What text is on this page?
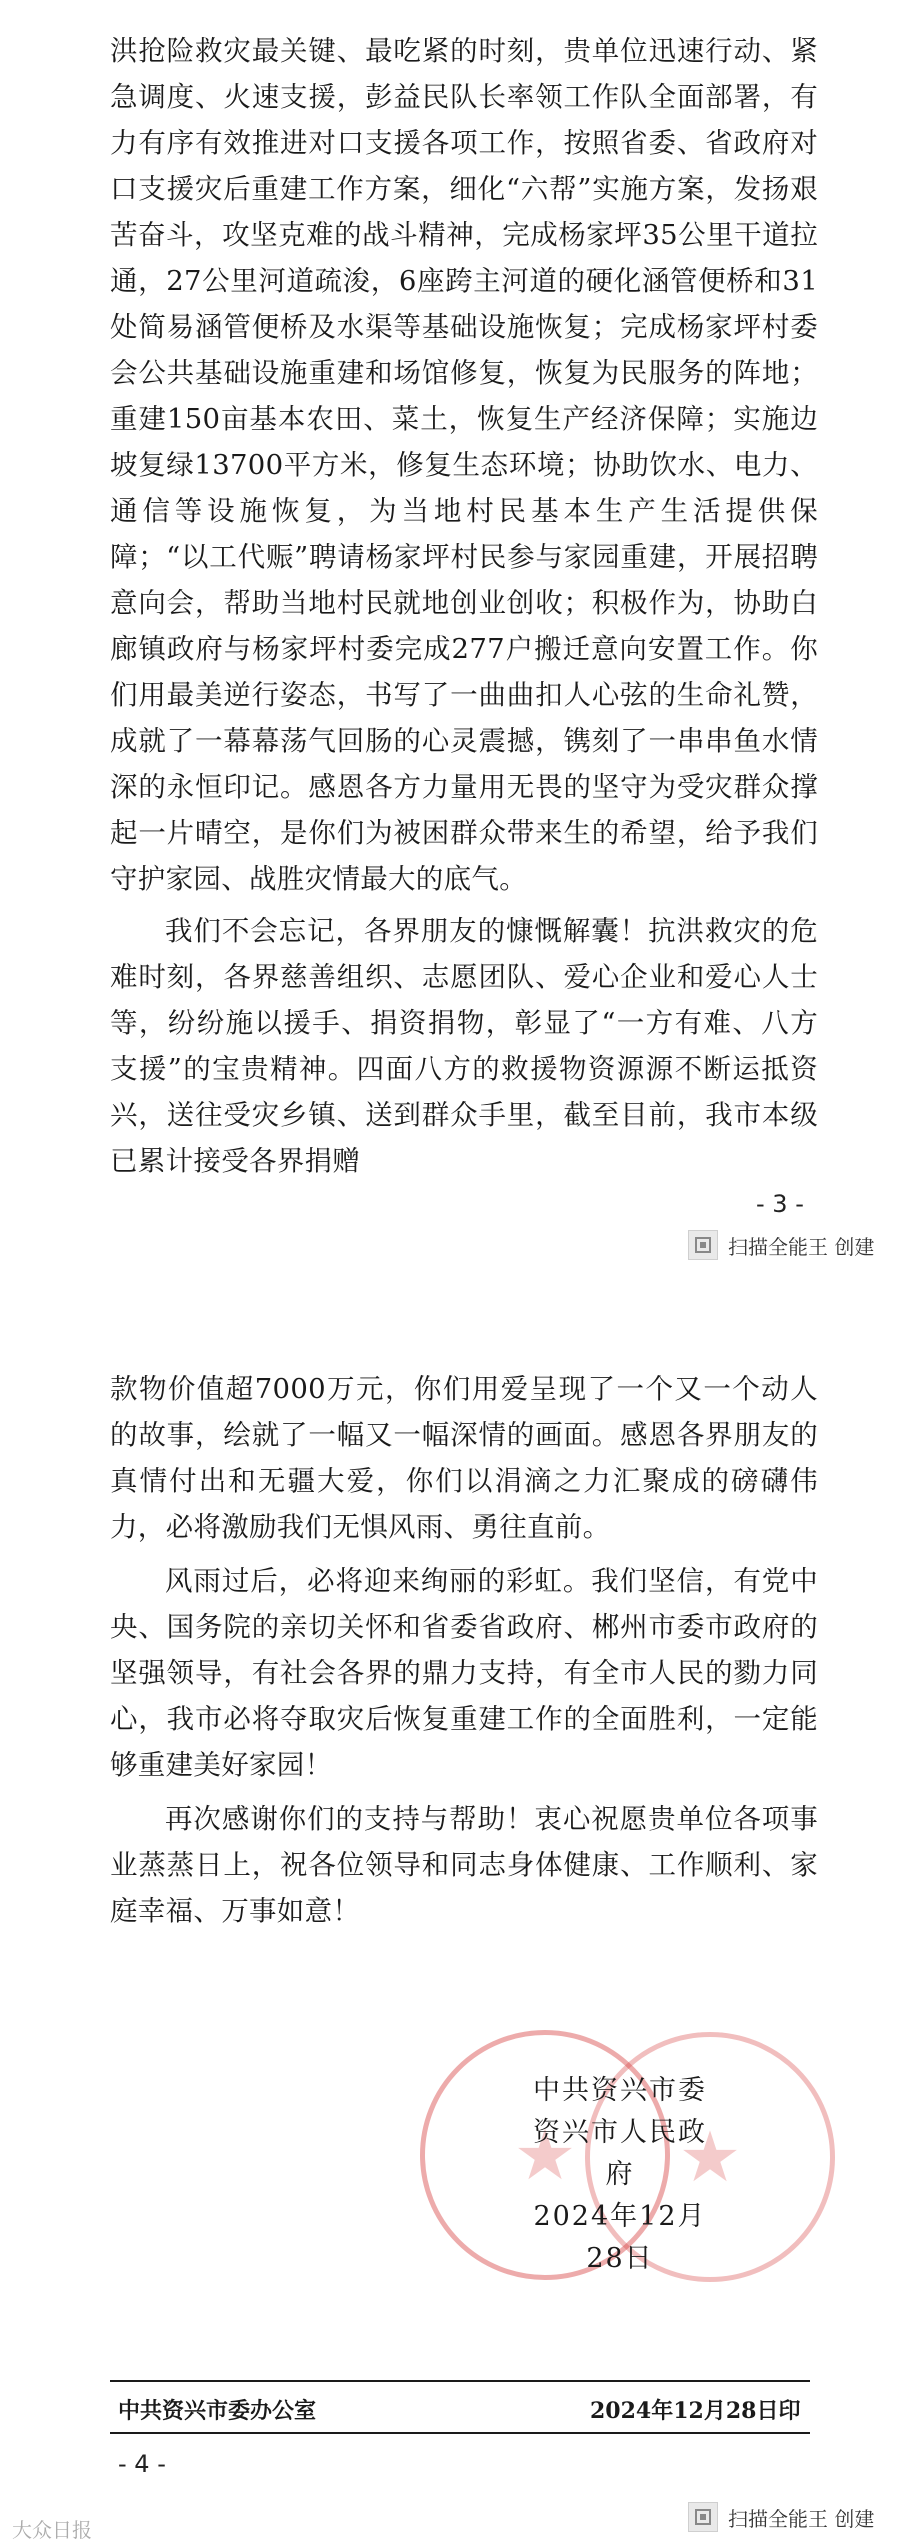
洪抢险救灾最关键、最吃紧的时刻，贵单位迅速行动、紧急调度、火速支援，彭益民队长率领工作队全面部署，有力有序有效推进对口支援各项工作，按照省委、省政府对口支援灾后重建工作方案，细化“六帮”实施方案，发扬艰苦奋斗，攻坚克难的战斗精神，完成杨家坪35公里干道拉通，27公里河道疏浚，6座跨主河道的硬化涵管便桥和31处简易涵管便桥及水渠等基础设施恢复；完成杨家坪村委会公共基础设施重建和场馆修复，恢复为民服务的阵地；重建150亩基本农田、菜土，恢复生产经济保障；实施边坡复绿13700平方米，修复生态环境；协助饮水、电力、通信等设施恢复，为当地村民基本生产生活提供保障；“以工代赈”聘请杨家坪村民参与家园重建，开展招聘意向会，帮助当地村民就地创业创收；积极作为，协助白廊镇政府与杨家坪村委完成277户搬迁意向安置工作。你们用最美逆行姿态，书写了一曲曲扣人心弦的生命礼赞，成就了一幕幕荡气回肠的心灵震撼，镌刻了一串串鱼水情深的永恒印记。感恩各方力量用无畏的坚守为受灾群众撑起一片晴空，是你们为被困群众带来生的希望，给予我们守护家园、战胜灾情最大的底气。

我们不会忘记，各界朋友的慷慨解囊！抗洪救灾的危难时刻，各界慈善组织、志愿团队、爱心企业和爱心人士等，纷纷施以援手、捐资捐物，彰显了“一方有难、八方支援”的宝贵精神。四面八方的救援物资源源不断运抵资兴，送往受灾乡镇、送到群众手里，截至目前，我市本级已累计接受各界捐赠

- 3 -
扫描全能王 创建

款物价值超7000万元，你们用爱呈现了一个又一个动人的故事，绘就了一幅又一幅深情的画面。感恩各界朋友的真情付出和无疆大爱，你们以涓滴之力汇聚成的磅礴伟力，必将激励我们无惧风雨、勇往直前。

风雨过后，必将迎来绚丽的彩虹。我们坚信，有党中央、国务院的亲切关怀和省委省政府、郴州市委市政府的坚强领导，有社会各界的鼎力支持，有全市人民的勠力同心，我市必将夺取灾后恢复重建工作的全面胜利，一定能够重建美好家园！

再次感谢你们的支持与帮助！衷心祝愿贵单位各项事业蒸蒸日上，祝各位领导和同志身体健康、工作顺利、家庭幸福、万事如意！

★ ★
中共资兴市委
资兴市人民政府
2024年12月28日
中共资兴市委办公室	2024年12月28日印
- 4 -
扫描全能王 创建
大众日报
